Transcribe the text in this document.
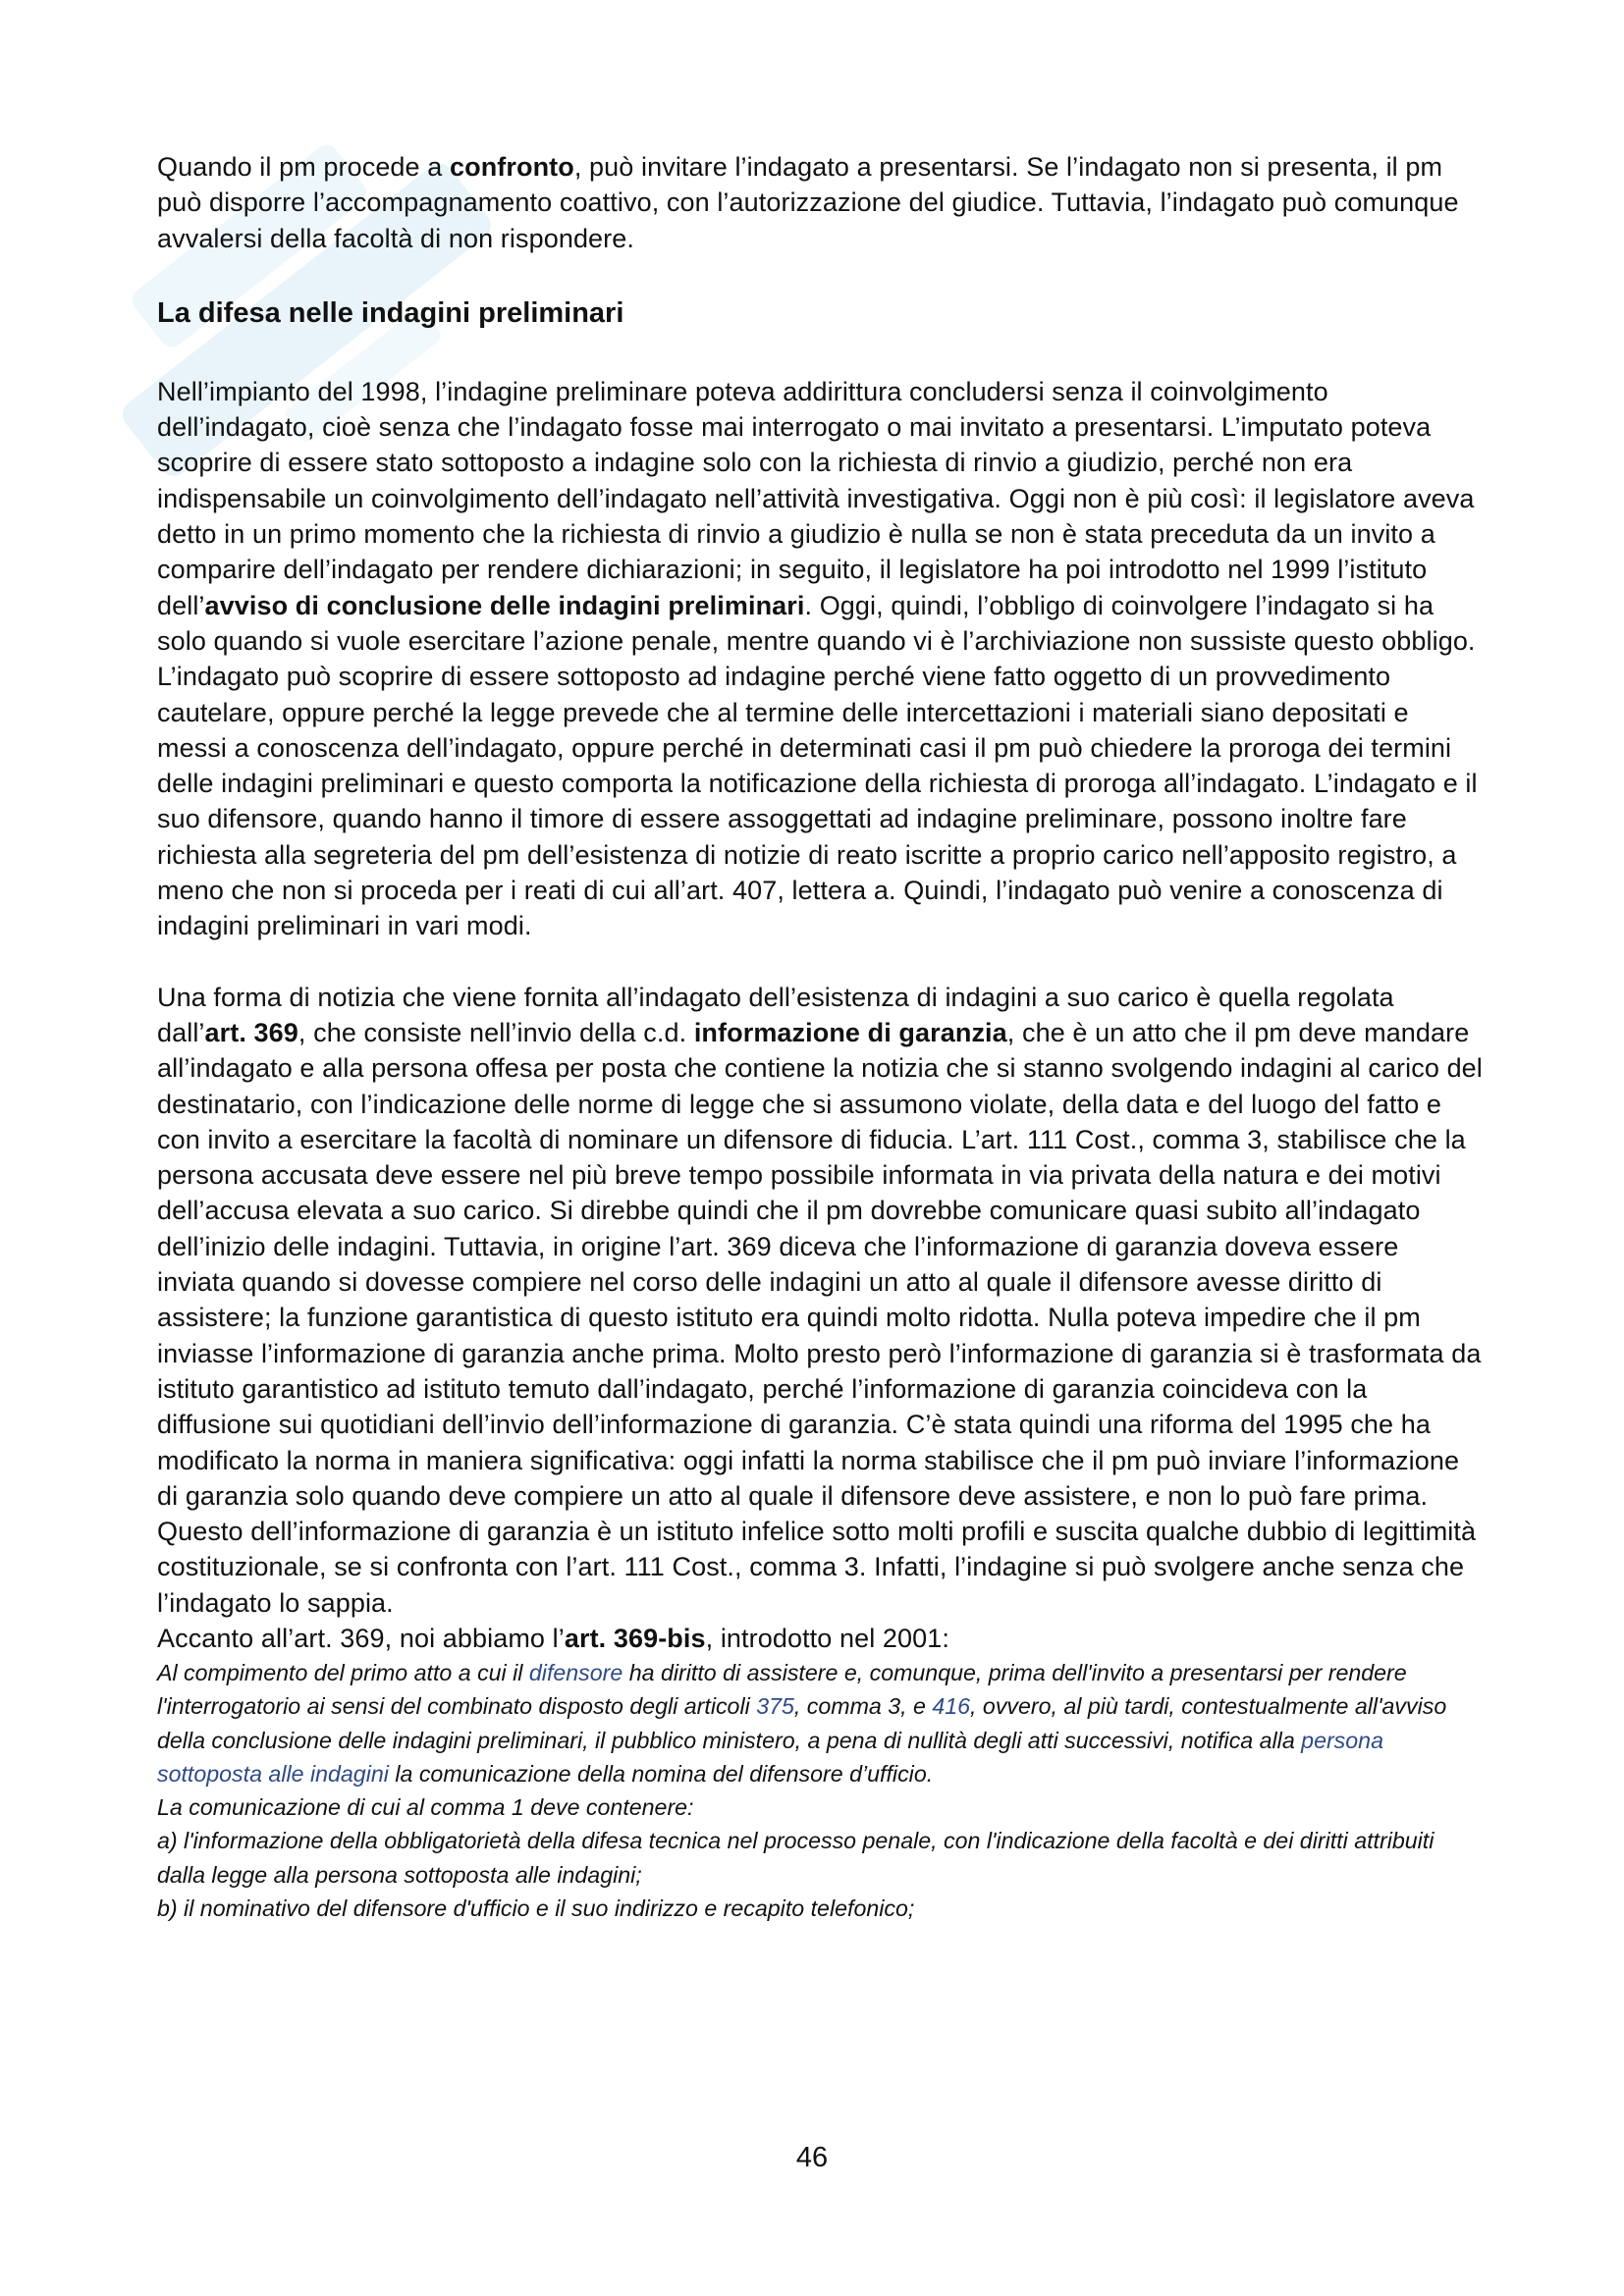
Quando il pm procede a confronto, può invitare l’indagato a presentarsi. Se l’indagato non si presenta, il pm può disporre l’accompagnamento coattivo, con l’autorizzazione del giudice. Tuttavia, l’indagato può comunque avvalersi della facoltà di non rispondere.

La difesa nelle indagini preliminari

Nell’impianto del 1998, l’indagine preliminare poteva addirittura concludersi senza il coinvolgimento dell’indagato, cioè senza che l’indagato fosse mai interrogato o mai invitato a presentarsi. L’imputato poteva scoprire di essere stato sottoposto a indagine solo con la richiesta di rinvio a giudizio, perché non era indispensabile un coinvolgimento dell’indagato nell’attività investigativa. Oggi non è più così: il legislatore aveva detto in un primo momento che la richiesta di rinvio a giudizio è nulla se non è stata preceduta da un invito a comparire dell’indagato per rendere dichiarazioni; in seguito, il legislatore ha poi introdotto nel 1999 l’istituto dell’avviso di conclusione delle indagini preliminari. Oggi, quindi, l’obbligo di coinvolgere l’indagato si ha solo quando si vuole esercitare l’azione penale, mentre quando vi è l’archiviazione non sussiste questo obbligo.

L’indagato può scoprire di essere sottoposto ad indagine perché viene fatto oggetto di un provvedimento cautelare, oppure perché la legge prevede che al termine delle intercettazioni i materiali siano depositati e messi a conoscenza dell’indagato, oppure perché in determinati casi il pm può chiedere la proroga dei termini delle indagini preliminari e questo comporta la notificazione della richiesta di proroga all’indagato. L’indagato e il suo difensore, quando hanno il timore di essere assoggettati ad indagine preliminare, possono inoltre fare richiesta alla segreteria del pm dell’esistenza di notizie di reato iscritte a proprio carico nell’apposito registro, a meno che non si proceda per i reati di cui all’art. 407, lettera a. Quindi, l’indagato può venire a conoscenza di indagini preliminari in vari modi.

Una forma di notizia che viene fornita all’indagato dell’esistenza di indagini a suo carico è quella regolata dall’art. 369, che consiste nell’invio della c.d. informazione di garanzia, che è un atto che il pm deve mandare all’indagato e alla persona offesa per posta che contiene la notizia che si stanno svolgendo indagini al carico del destinatario, con l’indicazione delle norme di legge che si assumono violate, della data e del luogo del fatto e con invito a esercitare la facoltà di nominare un difensore di fiducia. L’art. 111 Cost., comma 3, stabilisce che la persona accusata deve essere nel più breve tempo possibile informata in via privata della natura e dei motivi dell’accusa elevata a suo carico. Si direbbe quindi che il pm dovrebbe comunicare quasi subito all’indagato dell’inizio delle indagini. Tuttavia, in origine l’art. 369 diceva che l’informazione di garanzia doveva essere inviata quando si dovesse compiere nel corso delle indagini un atto al quale il difensore avesse diritto di assistere; la funzione garantistica di questo istituto era quindi molto ridotta. Nulla poteva impedire che il pm inviasse l’informazione di garanzia anche prima. Molto presto però l’informazione di garanzia si è trasformata da istituto garantistico ad istituto temuto dall’indagato, perché l’informazione di garanzia coincideva con la diffusione sui quotidiani dell’invio dell’informazione di garanzia. C’è stata quindi una riforma del 1995 che ha modificato la norma in maniera significativa: oggi infatti la norma stabilisce che il pm può inviare l’informazione di garanzia solo quando deve compiere un atto al quale il difensore deve assistere, e non lo può fare prima. Questo dell’informazione di garanzia è un istituto infelice sotto molti profili e suscita qualche dubbio di legittimità costituzionale, se si confronta con l’art. 111 Cost., comma 3. Infatti, l’indagine si può svolgere anche senza che l’indagato lo sappia.

Accanto all’art. 369, noi abbiamo l’art. 369-bis, introdotto nel 2001:

Al compimento del primo atto a cui il difensore ha diritto di assistere e, comunque, prima dell'invito a presentarsi per rendere l'interrogatorio ai sensi del combinato disposto degli articoli 375, comma 3, e 416, ovvero, al più tardi, contestualmente all'avviso della conclusione delle indagini preliminari, il pubblico ministero, a pena di nullità degli atti successivi, notifica alla persona sottoposta alle indagini la comunicazione della nomina del difensore d’ufficio.

La comunicazione di cui al comma 1 deve contenere:

a) l'informazione della obbligatorietà della difesa tecnica nel processo penale, con l'indicazione della facoltà e dei diritti attribuiti dalla legge alla persona sottoposta alle indagini;

b) il nominativo del difensore d'ufficio e il suo indirizzo e recapito telefonico;

46
